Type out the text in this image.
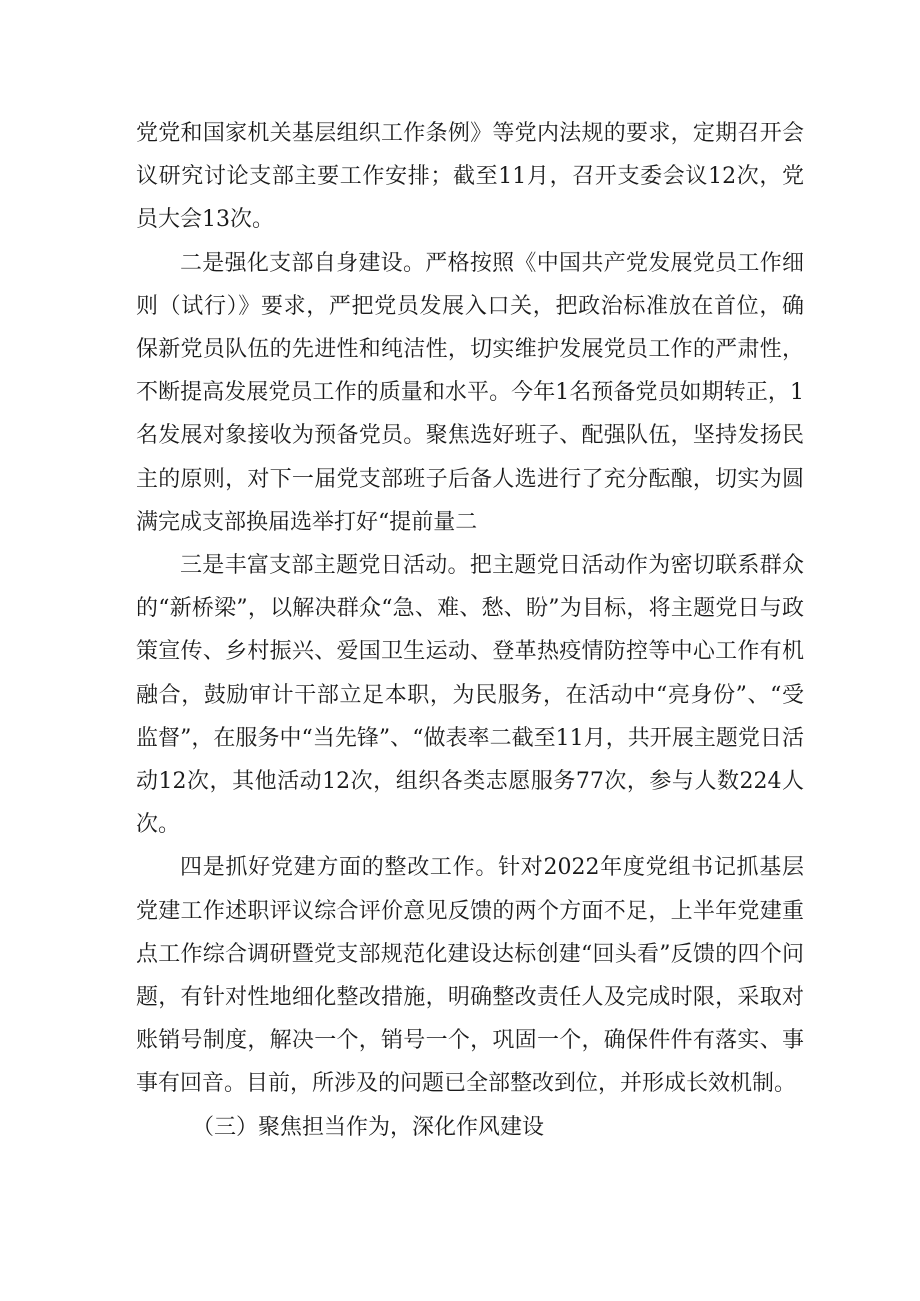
党党和国家机关基层组织工作条例》等党内法规的要求，定期召开会议研究讨论支部主要工作安排；截至11月，召开支委会议12次，党员大会13次。

二是强化支部自身建设。严格按照《中国共产党发展党员工作细则（试行）》要求，严把党员发展入口关，把政治标准放在首位，确保新党员队伍的先进性和纯洁性，切实维护发展党员工作的严肃性，不断提高发展党员工作的质量和水平。今年1名预备党员如期转正，1名发展对象接收为预备党员。聚焦选好班子、配强队伍，坚持发扬民主的原则，对下一届党支部班子后备人选进行了充分酝酿，切实为圆满完成支部换届选举打好“提前量二

三是丰富支部主题党日活动。把主题党日活动作为密切联系群众的“新桥梁”，以解决群众“急、难、愁、盼”为目标，将主题党日与政策宣传、乡村振兴、爱国卫生运动、登革热疫情防控等中心工作有机融合，鼓励审计干部立足本职，为民服务，在活动中“亮身份”、“受监督”，在服务中“当先锋”、“做表率二截至11月，共开展主题党日活动12次，其他活动12次，组织各类志愿服务77次，参与人数224人次。

四是抓好党建方面的整改工作。针对2022年度党组书记抓基层党建工作述职评议综合评价意见反馈的两个方面不足，上半年党建重点工作综合调研暨党支部规范化建设达标创建“回头看”反馈的四个问题，有针对性地细化整改措施，明确整改责任人及完成时限，采取对账销号制度，解决一个，销号一个，巩固一个，确保件件有落实、事事有回音。目前，所涉及的问题已全部整改到位，并形成长效机制。

（三）聚焦担当作为，深化作风建设
